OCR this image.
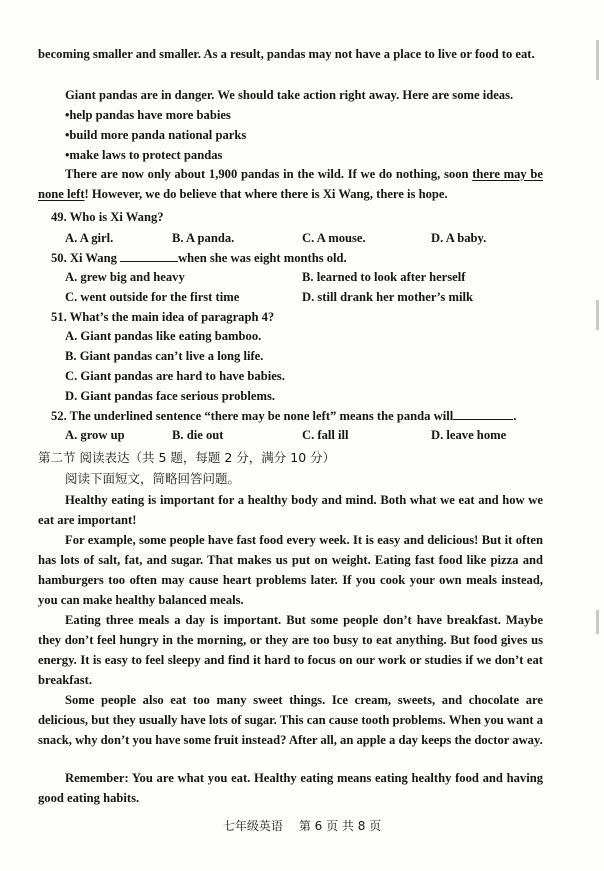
becoming smaller and smaller. As a result, pandas may not have a place to live or food to eat.

Giant pandas are in danger. We should take action right away. Here are some ideas.

•help pandas have more babies

•build more panda national parks

•make laws to protect pandas

There are now only about 1,900 pandas in the wild. If we do nothing, soon there may be none left! However, we do believe that where there is Xi Wang, there is hope.

49. Who is Xi Wang?

A. A girl.	B. A panda.	C. A mouse.	D. A baby.

50. Xi Wang	when she was eight months old.

A. grew big and heavy	B. learned to look after herself
C. went outside for the first time	D. still drank her mother’s milk

51. What’s the main idea of paragraph 4?

A. Giant pandas like eating bamboo.
B. Giant pandas can’t live a long life.
C. Giant pandas are hard to have babies.
D. Giant pandas face serious problems.

52. The underlined sentence “there may be none left” means the panda will	.

A. grow up	B. die out	C. fall ill	D. leave home

第二节 阅读表达（共 5 题，每题 2 分，满分 10 分）

阅读下面短文，简略回答问题。

Healthy eating is important for a healthy body and mind. Both what we eat and how we eat are important!

For example, some people have fast food every week. It is easy and delicious! But it often has lots of salt, fat, and sugar. That makes us put on weight. Eating fast food like pizza and hamburgers too often may cause heart problems later. If you cook your own meals instead, you can make healthy balanced meals.

Eating three meals a day is important. But some people don’t have breakfast. Maybe they don’t feel hungry in the morning, or they are too busy to eat anything. But food gives us energy. It is easy to feel sleepy and find it hard to focus on our work or studies if we don’t eat breakfast.

Some people also eat too many sweet things. Ice cream, sweets, and chocolate are delicious, but they usually have lots of sugar. This can cause tooth problems. When you want a snack, why don’t you have some fruit instead? After all, an apple a day keeps the doctor away.

Remember: You are what you eat. Healthy eating means eating healthy food and having good eating habits.

七年级英语 第 6 页 共 8 页
